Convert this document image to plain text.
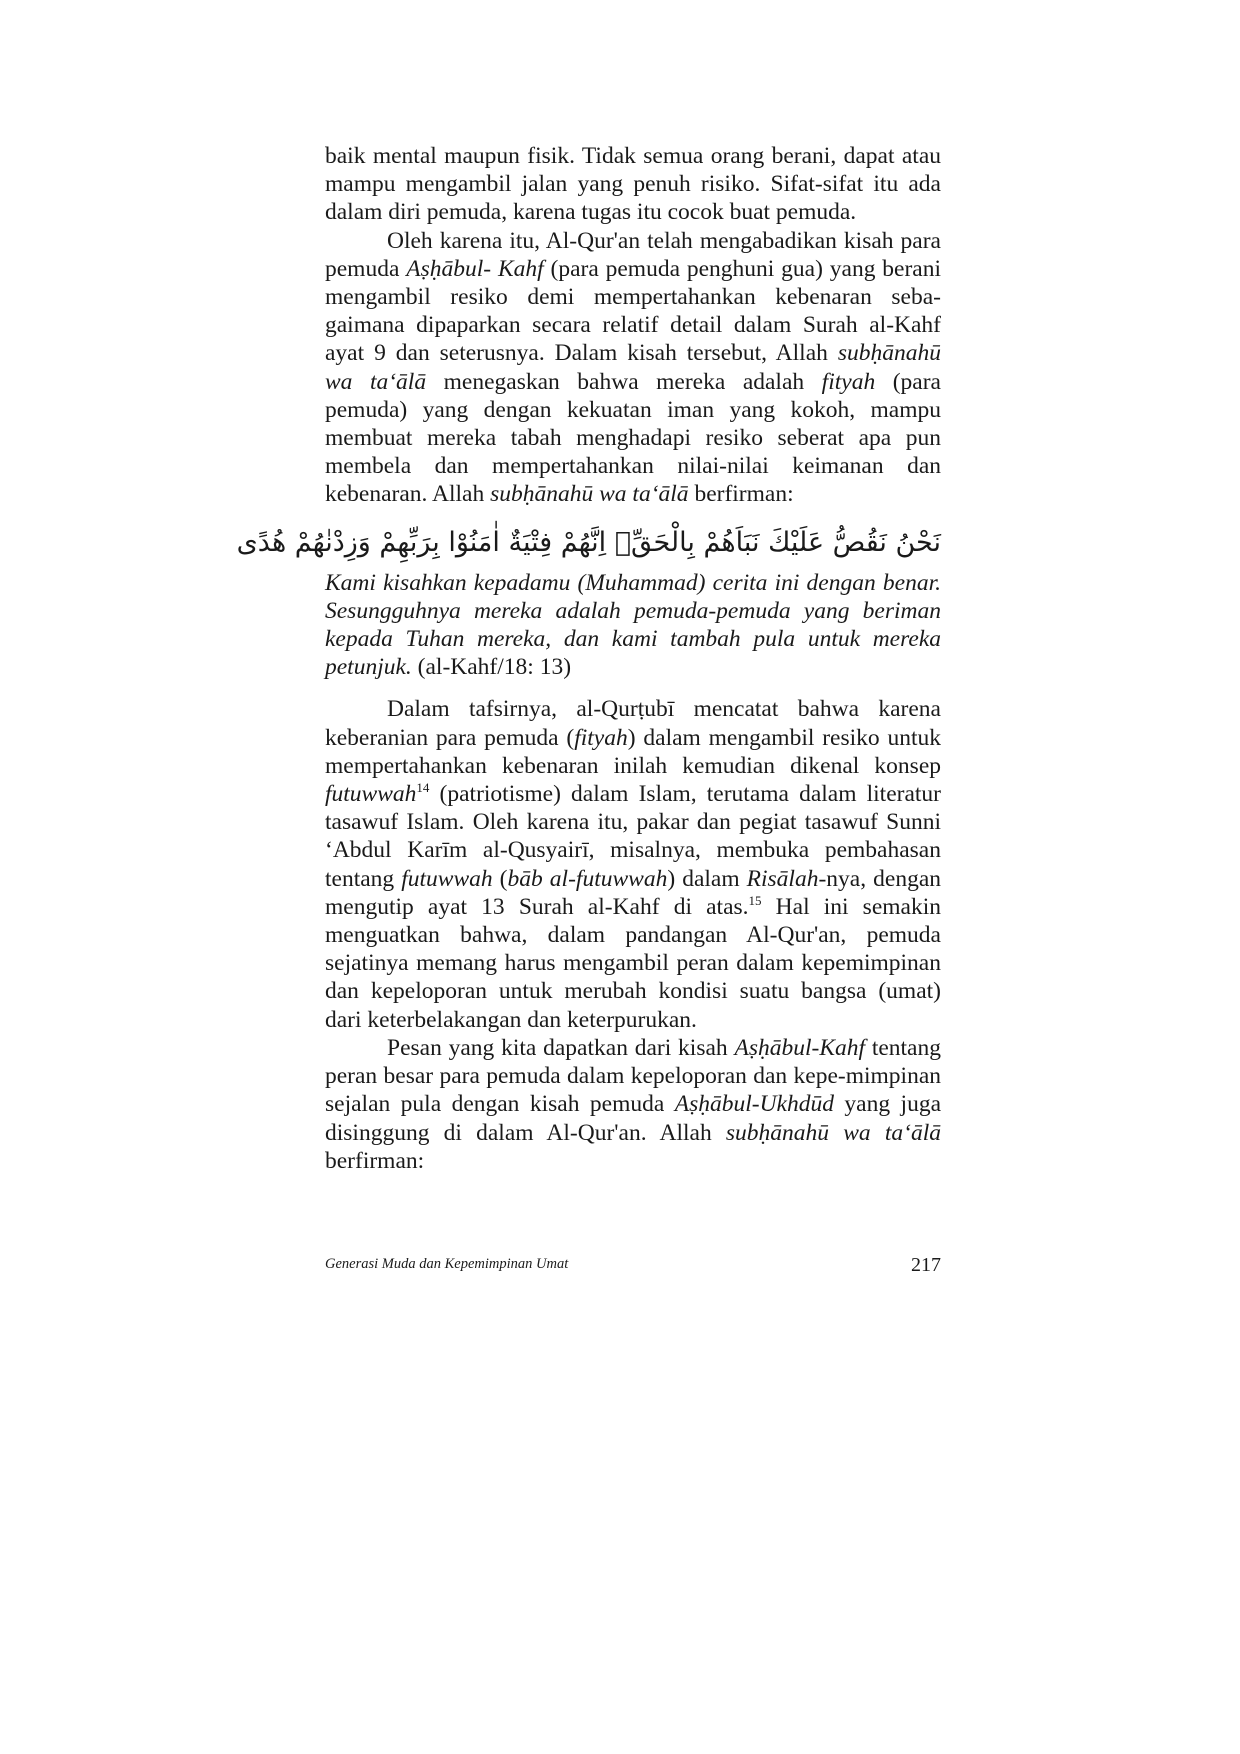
baik mental maupun fisik. Tidak semua orang berani, dapat atau mampu mengambil jalan yang penuh risiko. Sifat-sifat itu ada dalam diri pemuda, karena tugas itu cocok buat pemuda.

Oleh karena itu, Al-Qur'an telah mengabadikan kisah para pemuda Aṣḥābul- Kahf (para pemuda penghuni gua) yang berani mengambil resiko demi mempertahankan kebenaran seba-gaimana dipaparkan secara relatif detail dalam Surah al-Kahf ayat 9 dan seterusnya. Dalam kisah tersebut, Allah subḥānahū wa ta‘ālā menegaskan bahwa mereka adalah fityah (para pemuda) yang dengan kekuatan iman yang kokoh, mampu membuat mereka tabah menghadapi resiko seberat apa pun membela dan mempertahankan nilai-nilai keimanan dan kebenaran. Allah subḥānahū wa ta‘ālā berfirman:

نَحْنُ نَقُصُّ عَلَيْكَ نَبَاَهُمْ بِالْحَقِّۗ اِنَّهُمْ فِتْيَةٌ اٰمَنُوْا بِرَبِّهِمْ وَزِدْنٰهُمْ هُدًى

Kami kisahkan kepadamu (Muhammad) cerita ini dengan benar. Sesungguhnya mereka adalah pemuda-pemuda yang beriman kepada Tuhan mereka, dan kami tambah pula untuk mereka petunjuk. (al-Kahf/18: 13)

Dalam tafsirnya, al-Qurṭubī mencatat bahwa karena keberanian para pemuda (fityah) dalam mengambil resiko untuk mempertahankan kebenaran inilah kemudian dikenal konsep futuwwah$^{14}$ (patriotisme) dalam Islam, terutama dalam literatur tasawuf Islam. Oleh karena itu, pakar dan pegiat tasawuf Sunni ‘Abdul Karīm al-Qusyairī, misalnya, membuka pembahasan tentang futuwwah (bāb al-futuwwah) dalam Risālah-nya, dengan mengutip ayat 13 Surah al-Kahf di atas.$^{15}$ Hal ini semakin menguatkan bahwa, dalam pandangan Al-Qur'an, pemuda sejatinya memang harus mengambil peran dalam kepemimpinan dan kepeloporan untuk merubah kondisi suatu bangsa (umat) dari keterbelakangan dan keterpurukan.

Pesan yang kita dapatkan dari kisah Aṣḥābul-Kahf tentang peran besar para pemuda dalam kepeloporan dan kepe-mimpinan sejalan pula dengan kisah pemuda Aṣḥābul-Ukhdūd yang juga disinggung di dalam Al-Qur'an. Allah subḥānahū wa ta‘ālā berfirman:

Generasi Muda dan Kepemimpinan Umat	217
